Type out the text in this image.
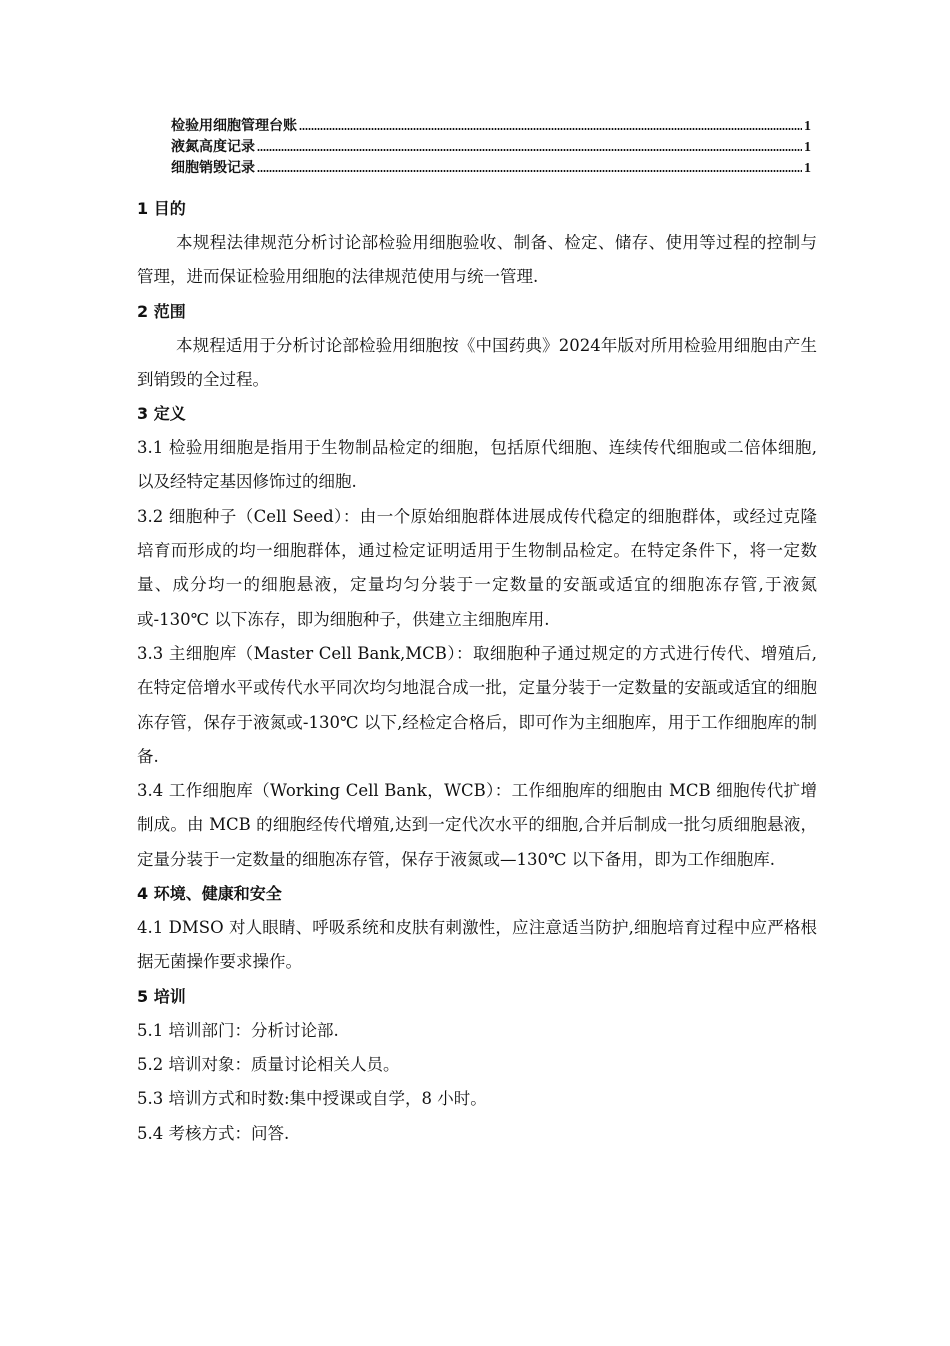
检验用细胞管理台账	1
液氮高度记录	1
细胞销毁记录	1

1 目的

本规程法律规范分析讨论部检验用细胞验收、制备、检定、储存、使用等过程的控制与管理，进而保证检验用细胞的法律规范使用与统一管理.

2 范围

本规程适用于分析讨论部检验用细胞按《中国药典》2024年版对所用检验用细胞由产生到销毁的全过程。

3 定义

3.1 检验用细胞是指用于生物制品检定的细胞，包括原代细胞、连续传代细胞或二倍体细胞,以及经特定基因修饰过的细胞.

3.2 细胞种子（Cell Seed）：由一个原始细胞群体进展成传代稳定的细胞群体，或经过克隆培育而形成的均一细胞群体，通过检定证明适用于生物制品检定。在特定条件下，将一定数量、成分均一的细胞悬液，定量均匀分装于一定数量的安瓿或适宜的细胞冻存管,于液氮或-130℃ 以下冻存，即为细胞种子，供建立主细胞库用.

3.3 主细胞库（Master Cell Bank,MCB）：取细胞种子通过规定的方式进行传代、增殖后,在特定倍增水平或传代水平同次均匀地混合成一批，定量分装于一定数量的安瓿或适宜的细胞冻存管，保存于液氮或-130℃ 以下,经检定合格后，即可作为主细胞库，用于工作细胞库的制备.

3.4 工作细胞库（Working Cell Bank，WCB）：工作细胞库的细胞由 MCB 细胞传代扩增制成。由 MCB 的细胞经传代增殖,达到一定代次水平的细胞,合并后制成一批匀质细胞悬液，定量分装于一定数量的细胞冻存管，保存于液氮或—130℃ 以下备用，即为工作细胞库.

4 环境、健康和安全

4.1 DMSO 对人眼睛、呼吸系统和皮肤有刺激性，应注意适当防护,细胞培育过程中应严格根据无菌操作要求操作。

5 培训

5.1 培训部门：分析讨论部.

5.2 培训对象：质量讨论相关人员。

5.3 培训方式和时数:集中授课或自学，8 小时。

5.4 考核方式：问答.
